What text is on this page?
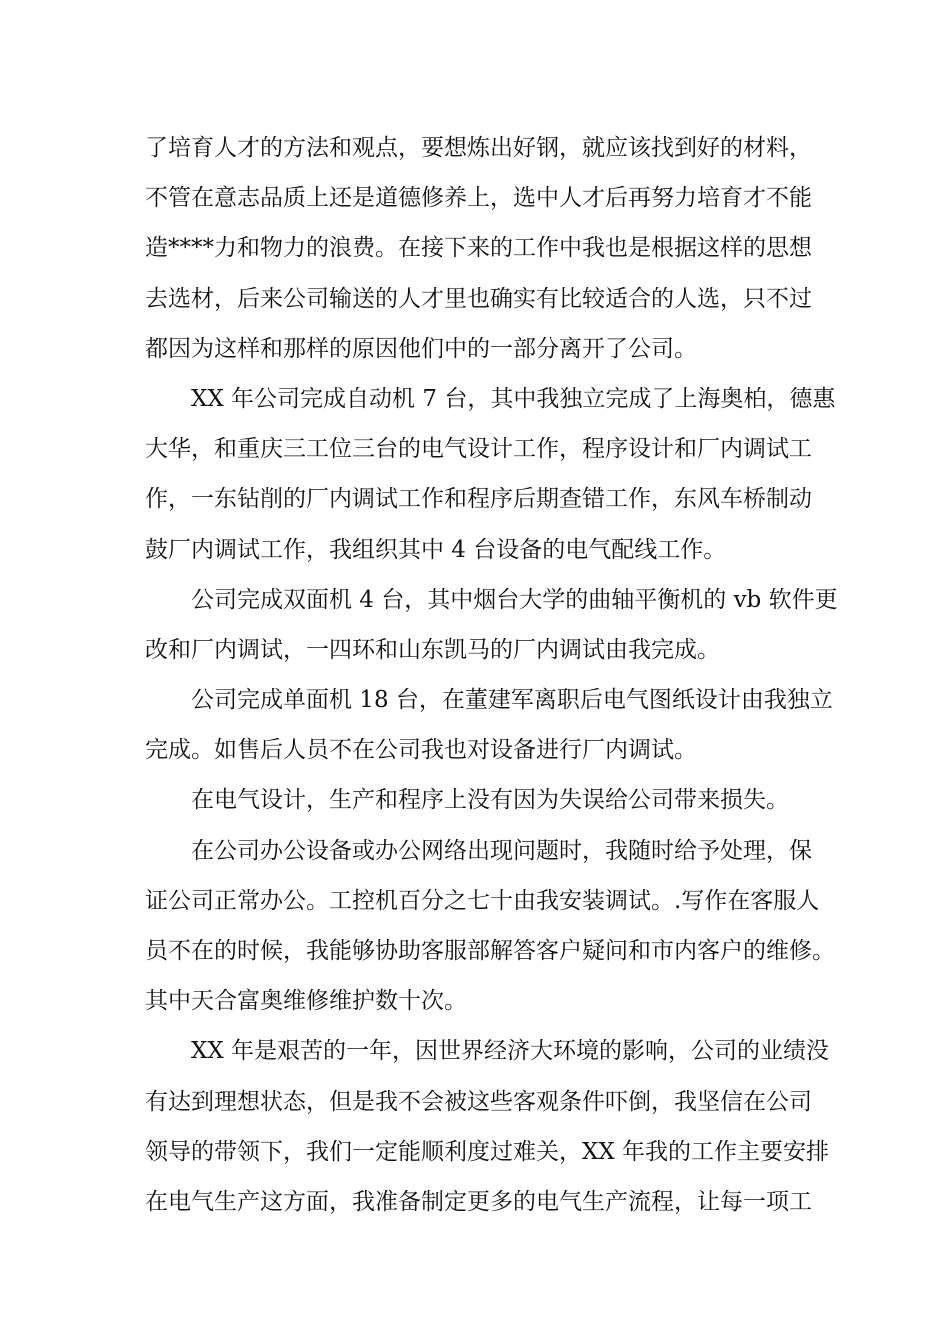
了培育人才的方法和观点，要想炼出好钢，就应该找到好的材料，
不管在意志品质上还是道德修养上，选中人才后再努力培育才不能
造****力和物力的浪费。在接下来的工作中我也是根据这样的思想
去选材，后来公司输送的人才里也确实有比较适合的人选，只不过
都因为这样和那样的原因他们中的一部分离开了公司。
XX 年公司完成自动机 7 台，其中我独立完成了上海奥柏，德惠
大华，和重庆三工位三台的电气设计工作，程序设计和厂内调试工
作，一东钻削的厂内调试工作和程序后期查错工作，东风车桥制动
鼓厂内调试工作，我组织其中 4 台设备的电气配线工作。
公司完成双面机 4 台，其中烟台大学的曲轴平衡机的 vb 软件更
改和厂内调试，一四环和山东凯马的厂内调试由我完成。
公司完成单面机 18 台，在董建军离职后电气图纸设计由我独立
完成。如售后人员不在公司我也对设备进行厂内调试。
在电气设计，生产和程序上没有因为失误给公司带来损失。
在公司办公设备或办公网络出现问题时，我随时给予处理，保
证公司正常办公。工控机百分之七十由我安装调试。.写作在客服人
员不在的时候，我能够协助客服部解答客户疑问和市内客户的维修。
其中天合富奥维修维护数十次。
XX 年是艰苦的一年，因世界经济大环境的影响，公司的业绩没
有达到理想状态，但是我不会被这些客观条件吓倒，我坚信在公司
领导的带领下，我们一定能顺利度过难关，XX 年我的工作主要安排
在电气生产这方面，我准备制定更多的电气生产流程，让每一项工
